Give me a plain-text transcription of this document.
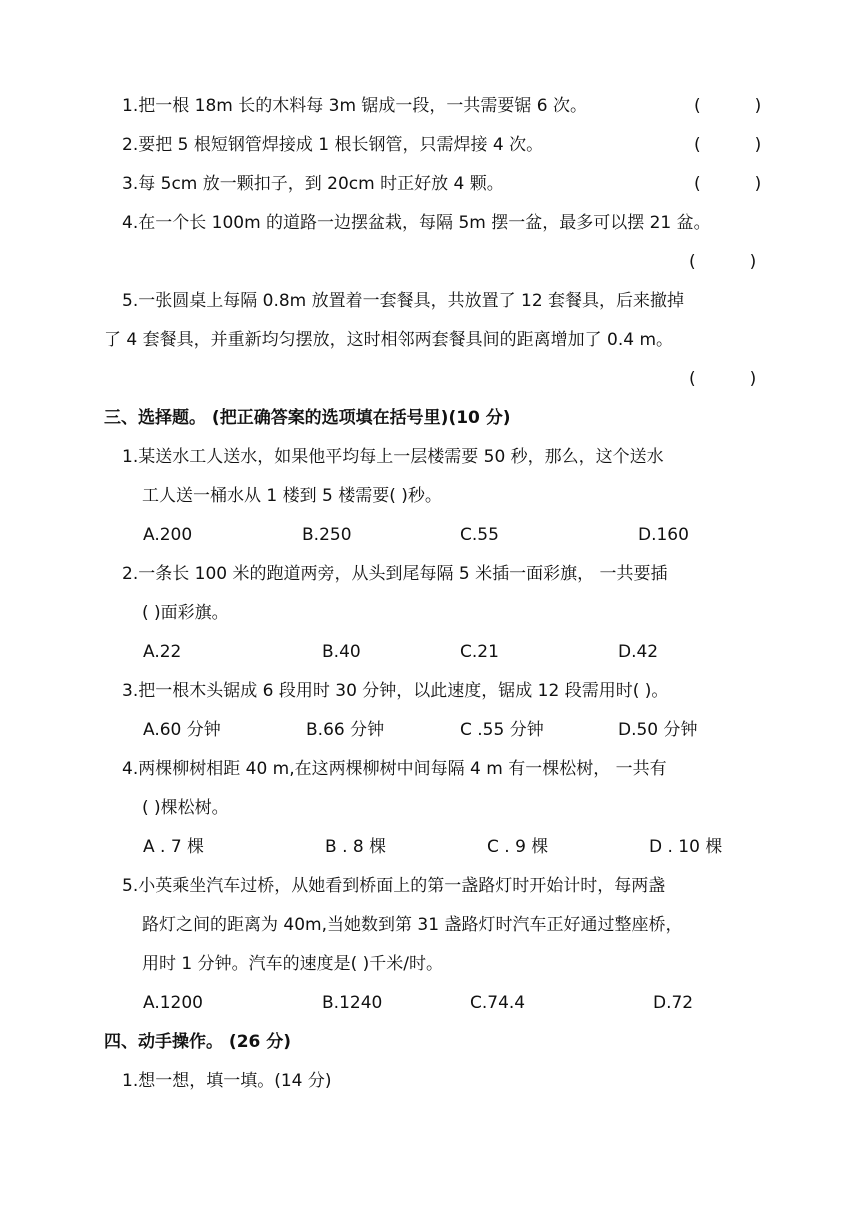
1.把一根 18m 长的木料每 3m 锯成一段，一共需要锯 6 次。	(          )
2.要把 5 根短钢管焊接成 1 根长钢管，只需焊接 4 次。	(          )
3.每 5cm 放一颗扣子，到 20cm 时正好放 4 颗。	(          )
4.在一个长 100m 的道路一边摆盆栽，每隔 5m 摆一盆，最多可以摆 21 盆。
(          )
5.一张圆桌上每隔 0.8m 放置着一套餐具，共放置了 12 套餐具，后来撤掉
了 4 套餐具，并重新均匀摆放，这时相邻两套餐具间的距离增加了 0.4 m。
(          )
三、选择题。 (把正确答案的选项填在括号里)(10 分)
1.某送水工人送水，如果他平均每上一层楼需要 50 秒，那么，这个送水
工人送一桶水从 1 楼到 5 楼需要( )秒。
A.200	B.250	C.55	D.160
2.一条长 100 米的跑道两旁，从头到尾每隔 5 米插一面彩旗， 一共要插
( )面彩旗。
A.22	B.40	C.21	D.42
3.把一根木头锯成 6 段用时 30 分钟，以此速度，锯成 12 段需用时( )。
A.60 分钟	B.66 分钟	C .55 分钟	D.50 分钟
4.两棵柳树相距 40 m,在这两棵柳树中间每隔 4 m 有一棵松树， 一共有
( )棵松树。
A . 7 棵	B . 8 棵	C . 9 棵	D . 10 棵
5.小英乘坐汽车过桥，从她看到桥面上的第一盏路灯时开始计时，每两盏
路灯之间的距离为 40m,当她数到第 31 盏路灯时汽车正好通过整座桥，
用时 1 分钟。汽车的速度是( )千米/时。
A.1200	B.1240	C.74.4	D.72
四、动手操作。 (26 分)
1.想一想，填一填。(14 分)
